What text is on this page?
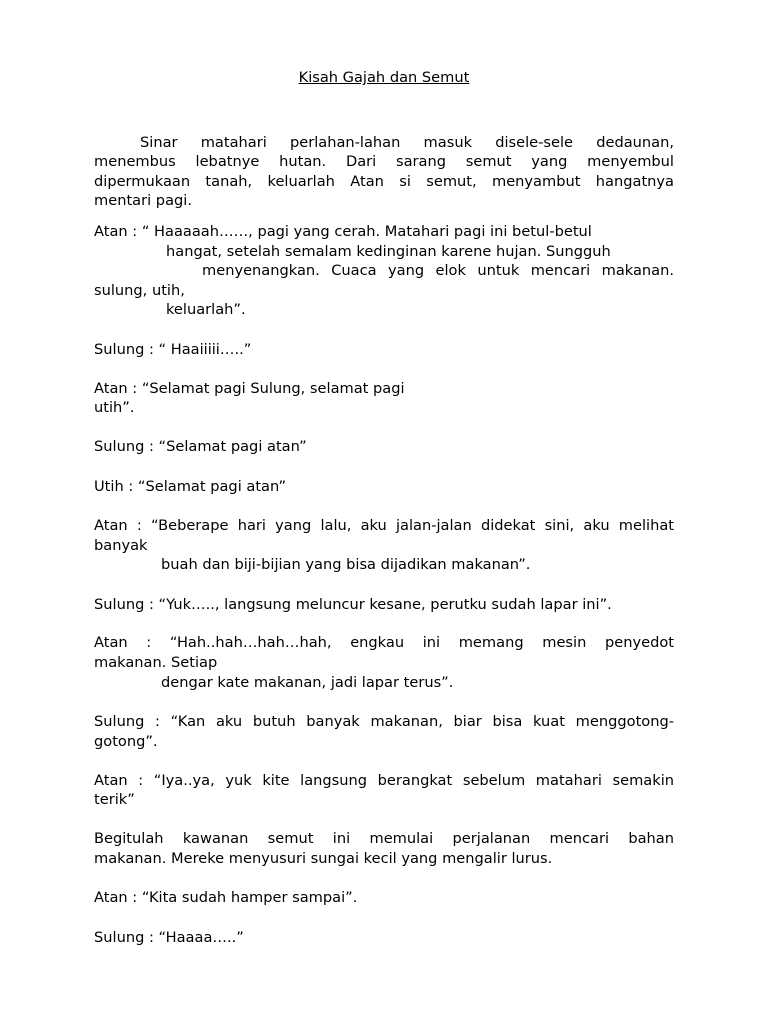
Kisah Gajah dan Semut
Sinar matahari perlahan-lahan masuk disele-sele dedaunan,
menembus lebatnye hutan. Dari sarang semut yang menyembul
dipermukaan tanah, keluarlah Atan si semut, menyambut hangatnya
mentari pagi.
Atan : “ Haaaaah……, pagi yang cerah. Matahari pagi ini betul-betul
hangat, setelah semalam kedinginan karene hujan. Sungguh
menyenangkan. Cuaca yang elok untuk mencari makanan.
sulung, utih,
keluarlah”.
Sulung : “ Haaiiiii…..”
Atan : “Selamat pagi Sulung, selamat pagi
utih”.
Sulung : “Selamat pagi atan”
Utih : “Selamat pagi atan”
Atan : “Beberape hari yang lalu, aku jalan-jalan didekat sini, aku melihat
banyak
buah dan biji-bijian yang bisa dijadikan makanan”.
Sulung : “Yuk….., langsung meluncur kesane, perutku sudah lapar ini”.
Atan : “Hah..hah…hah…hah, engkau ini memang mesin penyedot
makanan. Setiap
dengar kate makanan, jadi lapar terus”.
Sulung : “Kan aku butuh banyak makanan, biar bisa kuat menggotong-
gotong”.
Atan : “Iya..ya, yuk kite langsung berangkat sebelum matahari semakin
terik”
Begitulah kawanan semut ini memulai perjalanan mencari bahan
makanan. Mereke menyusuri sungai kecil yang mengalir lurus.
Atan : “Kita sudah hamper sampai”.
Sulung : “Haaaa…..”
